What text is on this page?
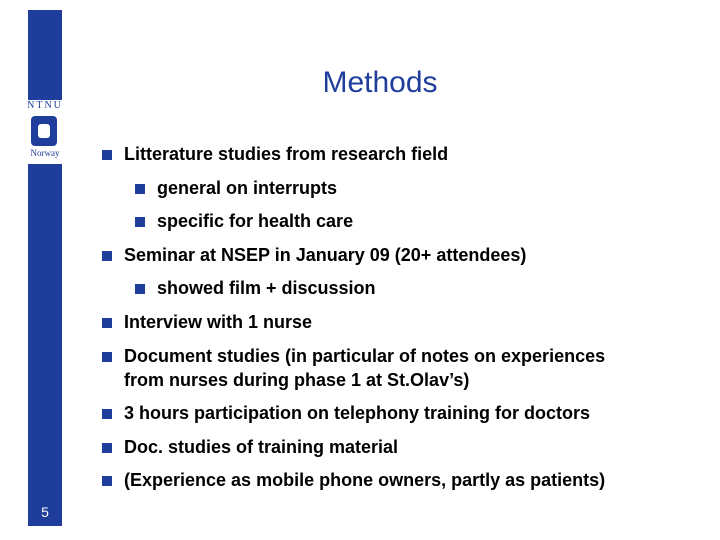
NTNU
Norway
5
Methods
Litterature studies from research field
general on interrupts
specific for health care
Seminar at NSEP in January 09 (20+ attendees)
showed film + discussion
Interview with 1 nurse
Document studies (in particular of notes on experiences
from nurses during phase 1 at St.Olav’s)
3 hours participation on telephony training for doctors
Doc. studies of training material
(Experience as mobile phone owners, partly as patients)
